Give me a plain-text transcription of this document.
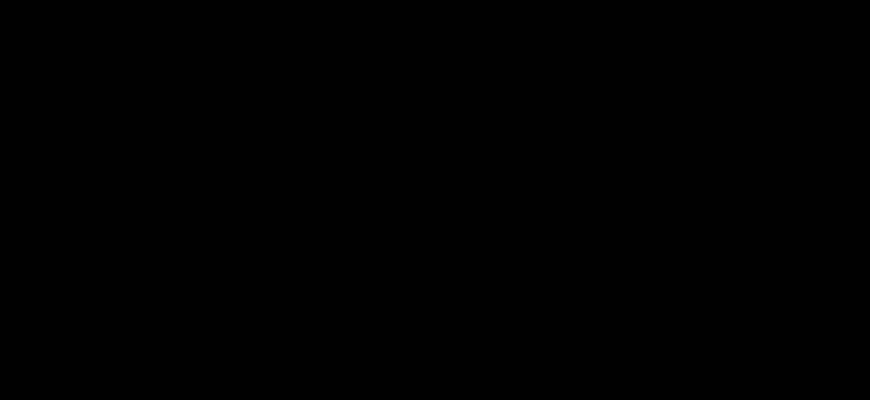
Блок-схема реализации
процедуры исправления
ошибок в программном
обеспечении
Нет
Требуется
внесение
изменения
Да
Требуется ПО
модернизация
1.01	2.0	2.01	2.1
3.1	3.1.1
Требуется
внесение
изменения
Требуется
внесение
изменения
4.01	4.1	4.01	4.1
